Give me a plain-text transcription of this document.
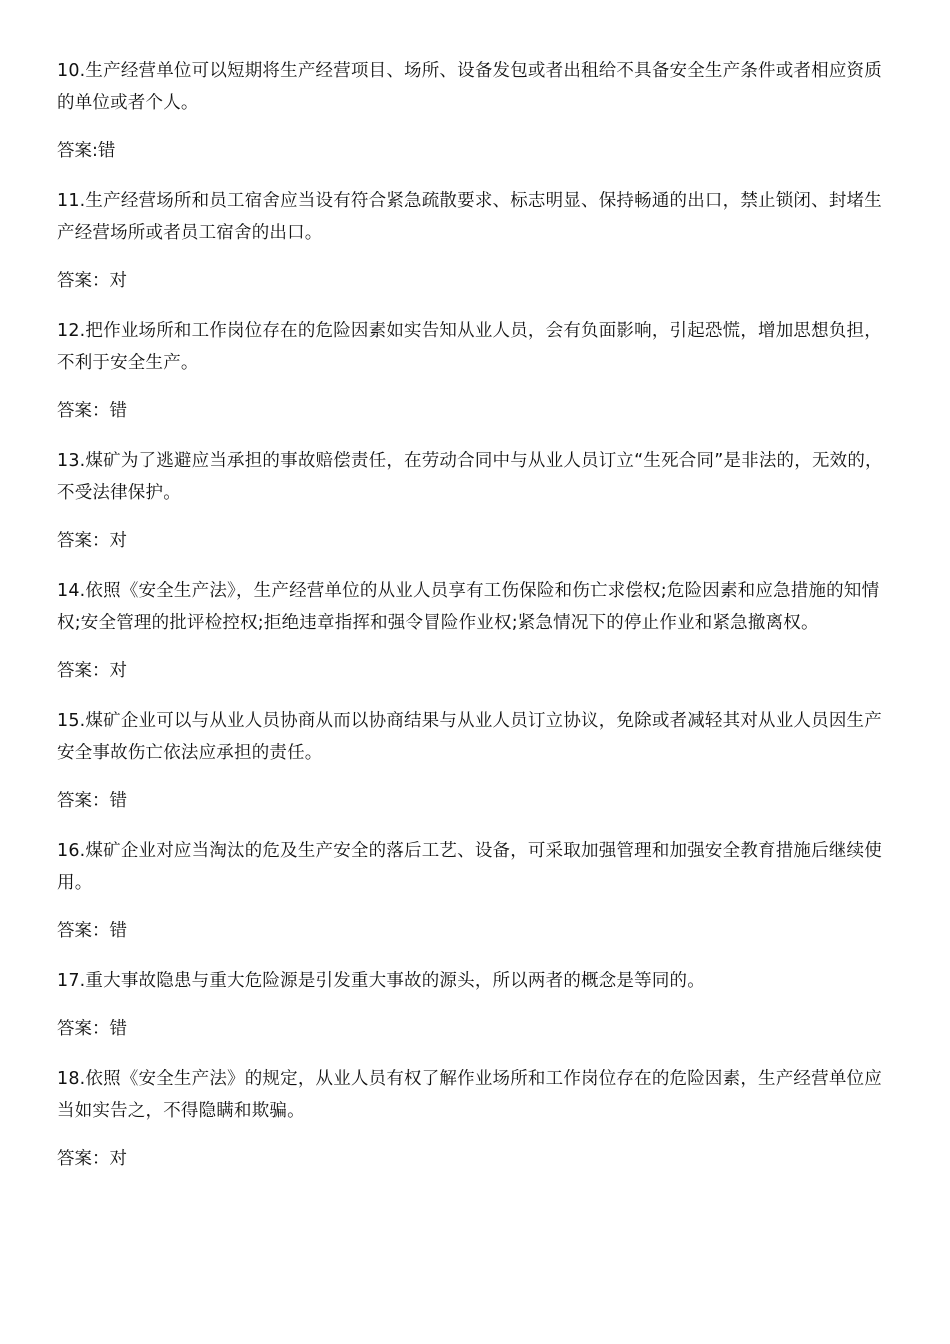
10.生产经营单位可以短期将生产经营项目、场所、设备发包或者出租给不具备安全生产条件或者相应资质的单位或者个人。

答案:错

11.生产经营场所和员工宿舍应当设有符合紧急疏散要求、标志明显、保持畅通的出口，禁止锁闭、封堵生产经营场所或者员工宿舍的出口。

答案：对

12.把作业场所和工作岗位存在的危险因素如实告知从业人员，会有负面影响，引起恐慌，增加思想负担，不利于安全生产。

答案：错

13.煤矿为了逃避应当承担的事故赔偿责任，在劳动合同中与从业人员订立“生死合同”是非法的，无效的，不受法律保护。

答案：对

14.依照《安全生产法》，生产经营单位的从业人员享有工伤保险和伤亡求偿权;危险因素和应急措施的知情权;安全管理的批评检控权;拒绝违章指挥和强令冒险作业权;紧急情况下的停止作业和紧急撤离权。

答案：对

15.煤矿企业可以与从业人员协商从而以协商结果与从业人员订立协议，免除或者减轻其对从业人员因生产安全事故伤亡依法应承担的责任。

答案：错

16.煤矿企业对应当淘汰的危及生产安全的落后工艺、设备，可采取加强管理和加强安全教育措施后继续使用。

答案：错

17.重大事故隐患与重大危险源是引发重大事故的源头，所以两者的概念是等同的。

答案：错

18.依照《安全生产法》的规定，从业人员有权了解作业场所和工作岗位存在的危险因素，生产经营单位应当如实告之，不得隐瞒和欺骗。

答案：对
